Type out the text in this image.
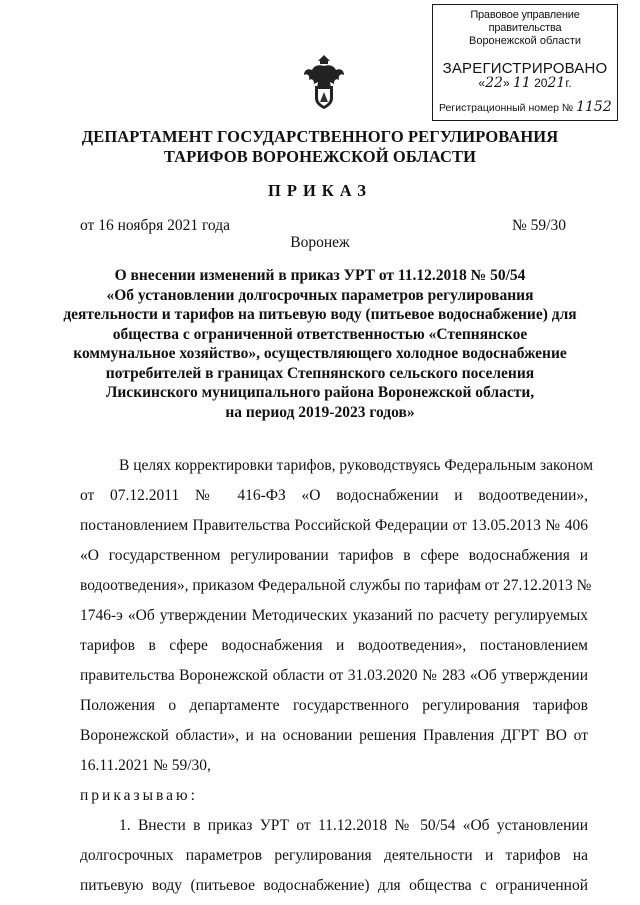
Правовое управление правительства
Воронежской области
ЗАРЕГИСТРИРОВАНО
«22» 11 2021г.
Регистрационный номер № 1152
ДЕПАРТАМЕНТ ГОСУДАРСТВЕННОГО РЕГУЛИРОВАНИЯ
ТАРИФОВ ВОРОНЕЖСКОЙ ОБЛАСТИ
ПРИКАЗ
от 16 ноября 2021 года	№ 59/30
Воронеж
О внесении изменений в приказ УРТ от 11.12.2018 № 50/54
«Об установлении долгосрочных параметров регулирования
деятельности и тарифов на питьевую воду (питьевое водоснабжение) для
общества с ограниченной ответственностью «Степнянское
коммунальное хозяйство», осуществляющего холодное водоснабжение
потребителей в границах Степнянского сельского поселения
Лискинского муниципального района Воронежской области,
на период 2019-2023 годов»
В целях корректировки тарифов, руководствуясь Федеральным законом
от 07.12.2011 № 416-ФЗ «О водоснабжении и водоотведении»,
постановлением Правительства Российской Федерации от 13.05.2013 № 406
«О государственном регулировании тарифов в сфере водоснабжения и
водоотведения», приказом Федеральной службы по тарифам от 27.12.2013 №
1746-э «Об утверждении Методических указаний по расчету регулируемых
тарифов в сфере водоснабжения и водоотведения», постановлением
правительства Воронежской области от 31.03.2020 № 283 «Об утверждении
Положения о департаменте государственного регулирования тарифов
Воронежской области», и на основании решения Правления ДГРТ ВО от
16.11.2021 № 59/30,
приказываю:
1. Внести в приказ УРТ от 11.12.2018 № 50/54 «Об установлении
долгосрочных параметров регулирования деятельности и тарифов на
питьевую воду (питьевое водоснабжение) для общества с ограниченной
